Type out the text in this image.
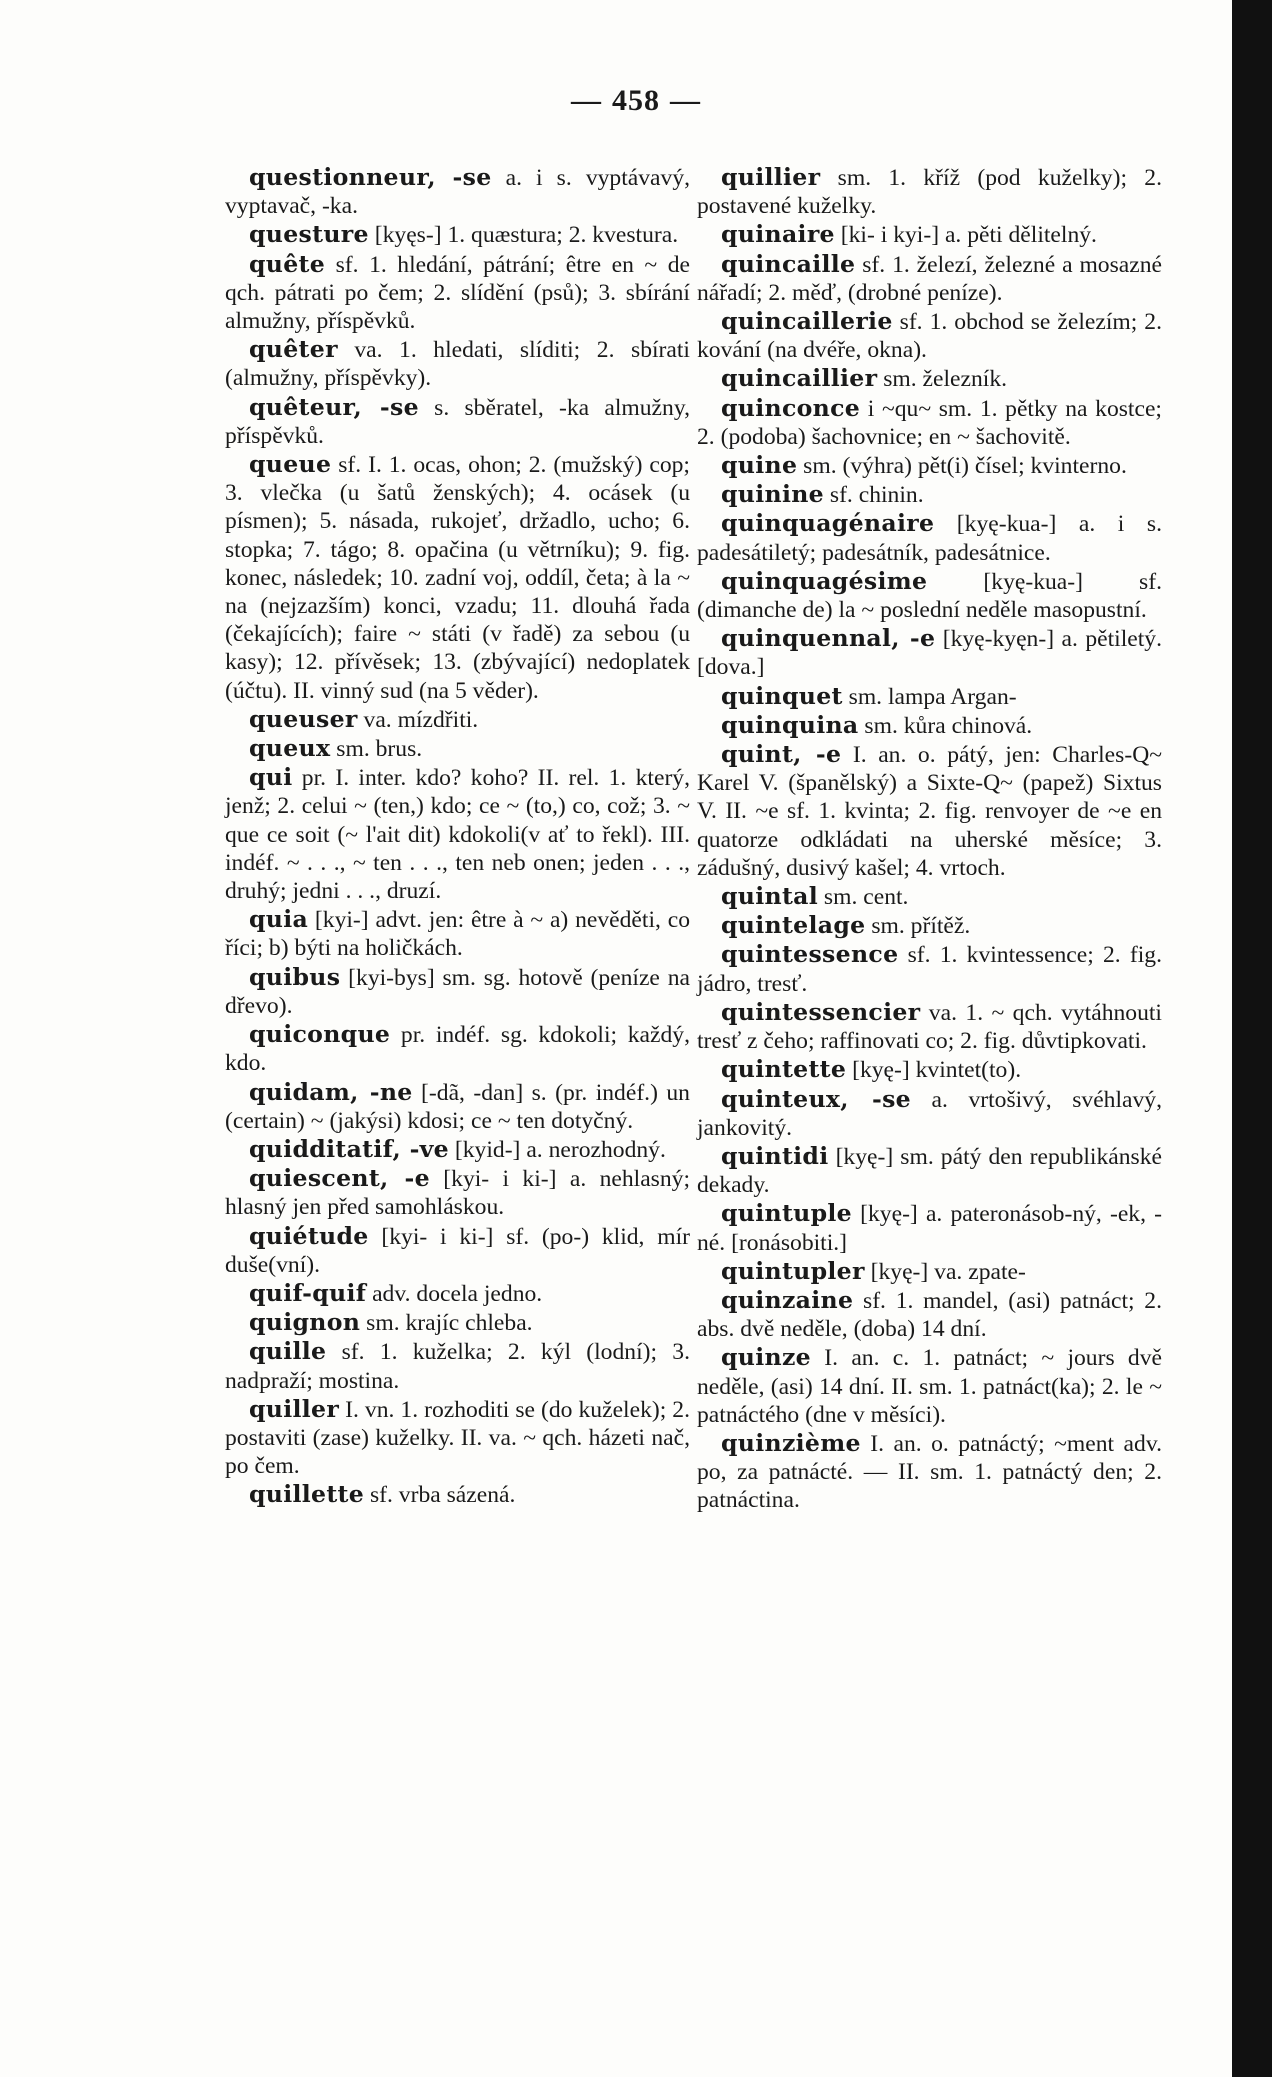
— 458 —

questionneur, -se a. i s. vyptávavý, vyptavač, -ka.

questure [kyęs-] 1. quæstura; 2. kvestura.

quête sf. 1. hledání, pátrání; être en ~ de qch. pátrati po čem; 2. slídění (psů); 3. sbírání almužny, příspěvků.

quêter va. 1. hledati, slíditi; 2. sbírati (almužny, příspěvky).

quêteur, -se s. sběratel, -ka almužny, příspěvků.

queue sf. I. 1. ocas, ohon; 2. (mužský) cop; 3. vlečka (u šatů ženských); 4. ocásek (u písmen); 5. násada, rukojeť, držadlo, ucho; 6. stopka; 7. tágo; 8. opačina (u větrníku); 9. fig. konec, následek; 10. zadní voj, oddíl, četa; à la ~ na (nejzazším) konci, vzadu; 11. dlouhá řada (čekajících); faire ~ státi (v řadě) za sebou (u kasy); 12. přívěsek; 13. (zbývající) nedoplatek (účtu). II. vinný sud (na 5 věder).

queuser va. mízdřiti.

queux sm. brus.

qui pr. I. inter. kdo? koho? II. rel. 1. který, jenž; 2. celui ~ (ten,) kdo; ce ~ (to,) co, což; 3. ~ que ce soit (~ l'ait dit) kdokoli(v ať to řekl). III. indéf. ~ . . ., ~ ten . . ., ten neb onen; jeden . . ., druhý; jedni . . ., druzí.

quia [kyi-] advt. jen: être à ~ a) nevěděti, co říci; b) býti na holičkách.

quibus [kyi-bys] sm. sg. hotově (peníze na dřevo).

quiconque pr. indéf. sg. kdokoli; každý, kdo.

quidam, -ne [-dã, -dan] s. (pr. indéf.) un (certain) ~ (jakýsi) kdosi; ce ~ ten dotyčný.

quidditatif, -ve [kyid-] a. nerozhodný.

quiescent, -e [kyi- i ki-] a. nehlasný; hlasný jen před samohláskou.

quiétude [kyi- i ki-] sf. (po-) klid, mír duše(vní).

quif-quif adv. docela jedno.

quignon sm. krajíc chleba.

quille sf. 1. kuželka; 2. kýl (lodní); 3. nadpraží; mostina.

quiller I. vn. 1. rozhoditi se (do kuželek); 2. postaviti (zase) kuželky. II. va. ~ qch. házeti nač, po čem.

quillette sf. vrba sázená.

quillier sm. 1. kříž (pod kuželky); 2. postavené kuželky.

quinaire [ki- i kyi-] a. pěti dělitelný.

quincaille sf. 1. železí, železné a mosazné nářadí; 2. měď, (drobné peníze).

quincaillerie sf. 1. obchod se železím; 2. kování (na dvéře, okna).

quincaillier sm. železník.

quinconce i ~qu~ sm. 1. pětky na kostce; 2. (podoba) šachovnice; en ~ šachovitě.

quine sm. (výhra) pět(i) čísel; kvinterno.

quinine sf. chinin.

quinquagénaire [kyę-kua-] a. i s. padesátiletý; padesátník, padesátnice.

quinquagésime [kyę-kua-] sf. (dimanche de) la ~ poslední neděle masopustní.

quinquennal, -e [kyę-kyęn-] a. pětiletý. [dova.]

quinquet sm. lampa Argan-

quinquina sm. kůra chinová.

quint, -e I. an. o. pátý, jen: Charles-Q~ Karel V. (španělský) a Sixte-Q~ (papež) Sixtus V. II. ~e sf. 1. kvinta; 2. fig. renvoyer de ~e en quatorze odkládati na uherské měsíce; 3. zádušný, dusivý kašel; 4. vrtoch.

quintal sm. cent.

quintelage sm. přítěž.

quintessence sf. 1. kvintessence; 2. fig. jádro, tresť.

quintessencier va. 1. ~ qch. vytáhnouti tresť z čeho; raffinovati co; 2. fig. důvtipkovati.

quintette [kyę-] kvintet(to).

quinteux, -se a. vrtošivý, svéhlavý, jankovitý.

quintidi [kyę-] sm. pátý den republikánské dekady.

quintuple [kyę-] a. pateronásob-ný, -ek, -né. [ronásobiti.]

quintupler [kyę-] va. zpate-

quinzaine sf. 1. mandel, (asi) patnáct; 2. abs. dvě neděle, (doba) 14 dní.

quinze I. an. c. 1. patnáct; ~ jours dvě neděle, (asi) 14 dní. II. sm. 1. patnáct(ka); 2. le ~ patnáctého (dne v měsíci).

quinzième I. an. o. patnáctý; ~ment adv. po, za patnácté. — II. sm. 1. patnáctý den; 2. patnáctina.
